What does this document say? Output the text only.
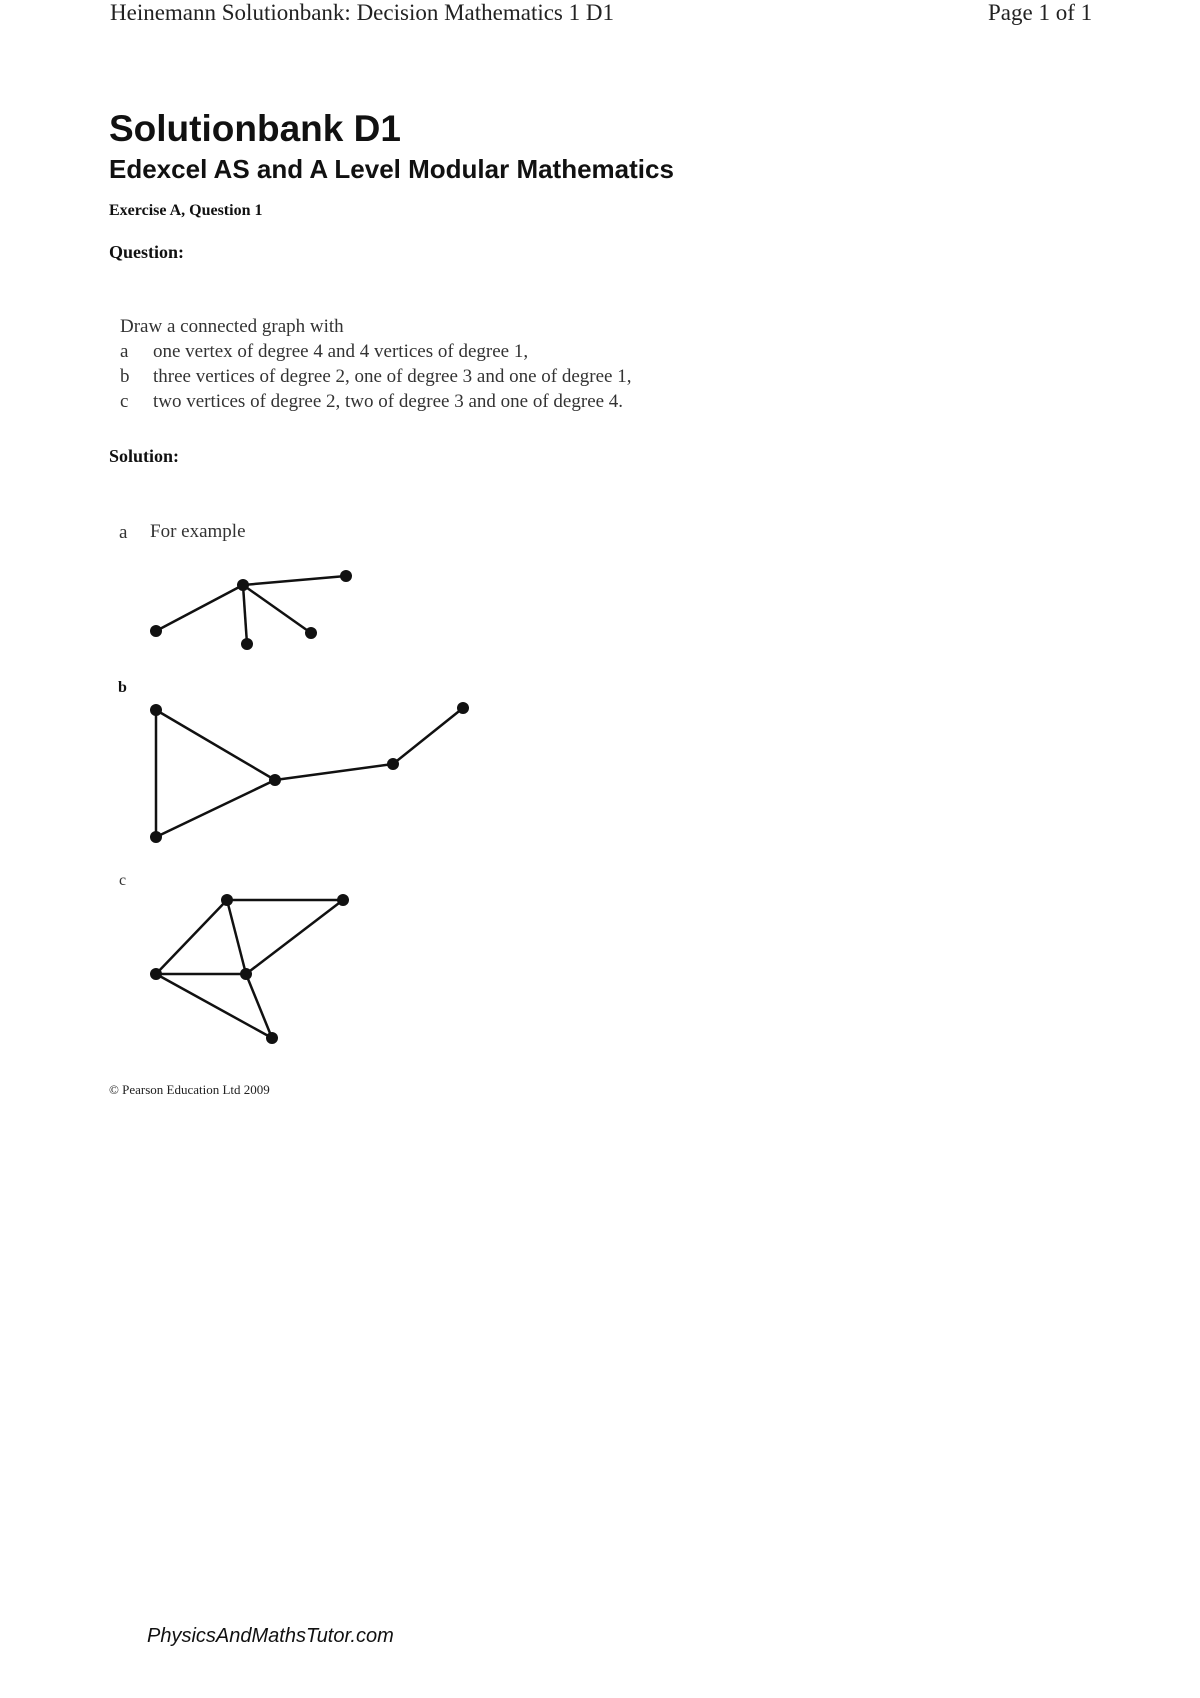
Heinemann Solutionbank: Decision Mathematics 1 D1	Page 1 of 1
Solutionbank D1
Edexcel AS and A Level Modular Mathematics
Exercise A, Question 1
Question:
Draw a connected graph with
a one vertex of degree 4 and 4 vertices of degree 1,
b three vertices of degree 2, one of degree 3 and one of degree 1,
c two vertices of degree 2, two of degree 3 and one of degree 4.
Solution:
a For example
b
c
© Pearson Education Ltd 2009
PhysicsAndMathsTutor.com
